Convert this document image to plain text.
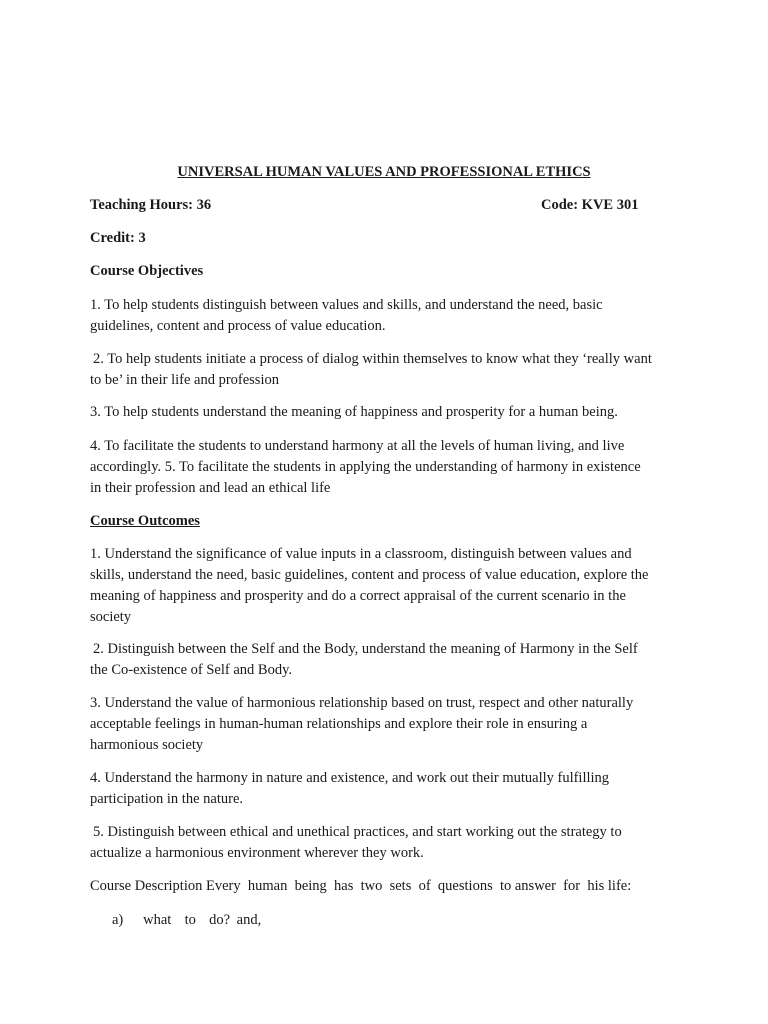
UNIVERSAL HUMAN VALUES AND PROFESSIONAL ETHICS
Teaching Hours: 36	Code: KVE 301
Credit: 3
Course Objectives
1. To help students distinguish between values and skills, and understand the need, basic
guidelines, content and process of value education.
2. To help students initiate a process of dialog within themselves to know what they ‘really want
to be’ in their life and profession
3. To help students understand the meaning of happiness and prosperity for a human being.
4. To facilitate the students to understand harmony at all the levels of human living, and live
accordingly. 5. To facilitate the students in applying the understanding of harmony in existence
in their profession and lead an ethical life
Course Outcomes
1. Understand the significance of value inputs in a classroom, distinguish between values and
skills, understand the need, basic guidelines, content and process of value education, explore the
meaning of happiness and prosperity and do a correct appraisal of the current scenario in the
society
2. Distinguish between the Self and the Body, understand the meaning of Harmony in the Self
the Co-existence of Self and Body.
3. Understand the value of harmonious relationship based on trust, respect and other naturally
acceptable feelings in human-human relationships and explore their role in ensuring a
harmonious society
4. Understand the harmony in nature and existence, and work out their mutually fulfilling
participation in the nature.
5. Distinguish between ethical and unethical practices, and start working out the strategy to
actualize a harmonious environment wherever they work.
Course Description Every  human  being  has  two  sets  of  questions  to answer  for  his life:
a)   what  to  do? and,
